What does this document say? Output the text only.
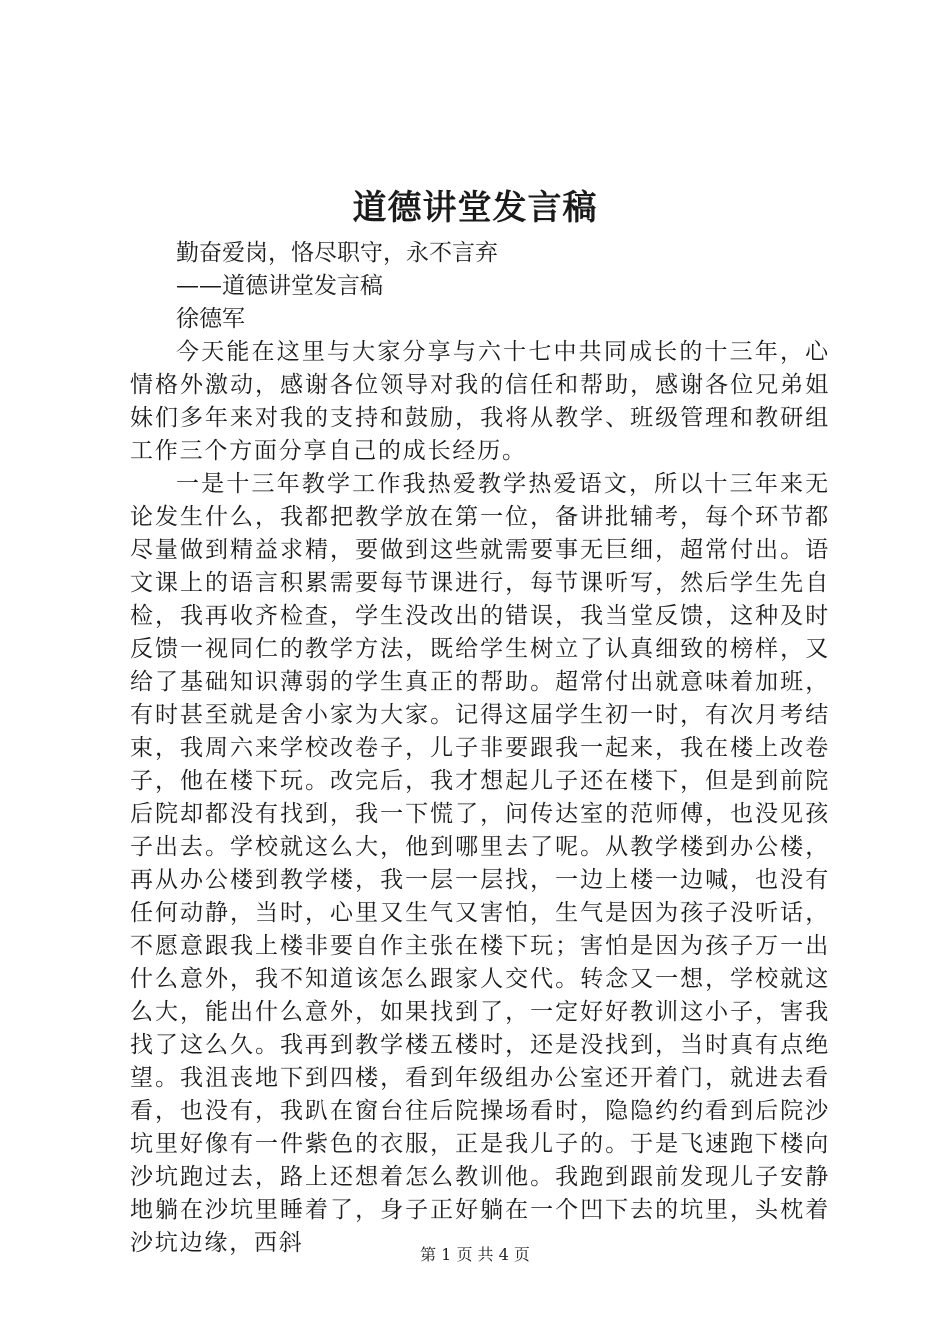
道德讲堂发言稿

勤奋爱岗，恪尽职守，永不言弃

——道德讲堂发言稿

徐德军

今天能在这里与大家分享与六十七中共同成长的十三年，心情格外激动，感谢各位领导对我的信任和帮助，感谢各位兄弟姐妹们多年来对我的支持和鼓励，我将从教学、班级管理和教研组工作三个方面分享自己的成长经历。

一是十三年教学工作我热爱教学热爱语文，所以十三年来无论发生什么，我都把教学放在第一位，备讲批辅考，每个环节都尽量做到精益求精，要做到这些就需要事无巨细，超常付出。语文课上的语言积累需要每节课进行，每节课听写，然后学生先自检，我再收齐检查，学生没改出的错误，我当堂反馈，这种及时反馈一视同仁的教学方法，既给学生树立了认真细致的榜样，又给了基础知识薄弱的学生真正的帮助。超常付出就意味着加班，有时甚至就是舍小家为大家。记得这届学生初一时，有次月考结束，我周六来学校改卷子，儿子非要跟我一起来，我在楼上改卷子，他在楼下玩。改完后，我才想起儿子还在楼下，但是到前院后院却都没有找到，我一下慌了，问传达室的范师傅，也没见孩子出去。学校就这么大，他到哪里去了呢。从教学楼到办公楼，再从办公楼到教学楼，我一层一层找，一边上楼一边喊，也没有任何动静，当时，心里又生气又害怕，生气是因为孩子没听话，不愿意跟我上楼非要自作主张在楼下玩；害怕是因为孩子万一出什么意外，我不知道该怎么跟家人交代。转念又一想，学校就这么大，能出什么意外，如果找到了，一定好好教训这小子，害我找了这么久。我再到教学楼五楼时，还是没找到，当时真有点绝望。我沮丧地下到四楼，看到年级组办公室还开着门，就进去看看，也没有，我趴在窗台往后院操场看时，隐隐约约看到后院沙坑里好像有一件紫色的衣服，正是我儿子的。于是飞速跑下楼向沙坑跑过去，路上还想着怎么教训他。我跑到跟前发现儿子安静地躺在沙坑里睡着了，身子正好躺在一个凹下去的坑里，头枕着沙坑边缘，西斜	第 1 页 共 4 页
